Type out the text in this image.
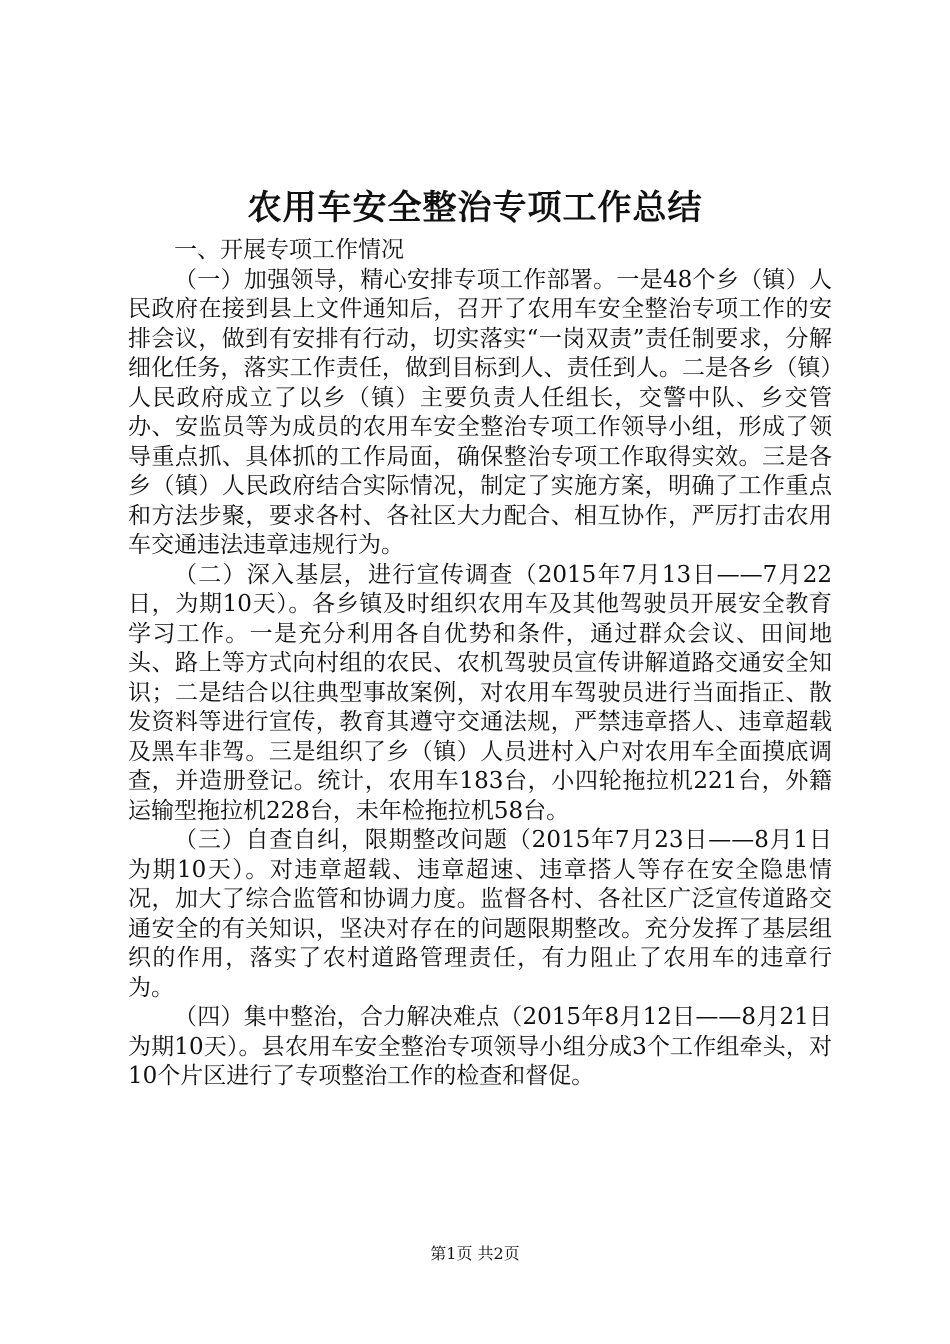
农用车安全整治专项工作总结

一、开展专项工作情况

（一）加强领导，精心安排专项工作部署。一是48个乡（镇）人民政府在接到县上文件通知后，召开了农用车安全整治专项工作的安排会议，做到有安排有行动，切实落实“一岗双责”责任制要求，分解细化任务，落实工作责任，做到目标到人、责任到人。二是各乡（镇）人民政府成立了以乡（镇）主要负责人任组长，交警中队、乡交管办、安监员等为成员的农用车安全整治专项工作领导小组，形成了领导重点抓、具体抓的工作局面，确保整治专项工作取得实效。三是各乡（镇）人民政府结合实际情况，制定了实施方案，明确了工作重点和方法步聚，要求各村、各社区大力配合、相互协作，严厉打击农用车交通违法违章违规行为。

（二）深入基层，进行宣传调查（2015年7月13日——7月22日，为期10天）。各乡镇及时组织农用车及其他驾驶员开展安全教育学习工作。一是充分利用各自优势和条件，通过群众会议、田间地头、路上等方式向村组的农民、农机驾驶员宣传讲解道路交通安全知识；二是结合以往典型事故案例，对农用车驾驶员进行当面指正、散发资料等进行宣传，教育其遵守交通法规，严禁违章搭人、违章超载及黑车非驾。三是组织了乡（镇）人员进村入户对农用车全面摸底调查，并造册登记。统计，农用车183台，小四轮拖拉机221台，外籍运输型拖拉机228台，未年检拖拉机58台。

（三）自查自纠，限期整改问题（2015年7月23日——8月1日为期10天）。对违章超载、违章超速、违章搭人等存在安全隐患情况，加大了综合监管和协调力度。监督各村、各社区广泛宣传道路交通安全的有关知识，坚决对存在的问题限期整改。充分发挥了基层组织的作用，落实了农村道路管理责任，有力阻止了农用车的违章行为。

（四）集中整治，合力解决难点（2015年8月12日——8月21日为期10天）。县农用车安全整治专项领导小组分成3个工作组牵头，对10个片区进行了专项整治工作的检查和督促。

第1页 共2页
